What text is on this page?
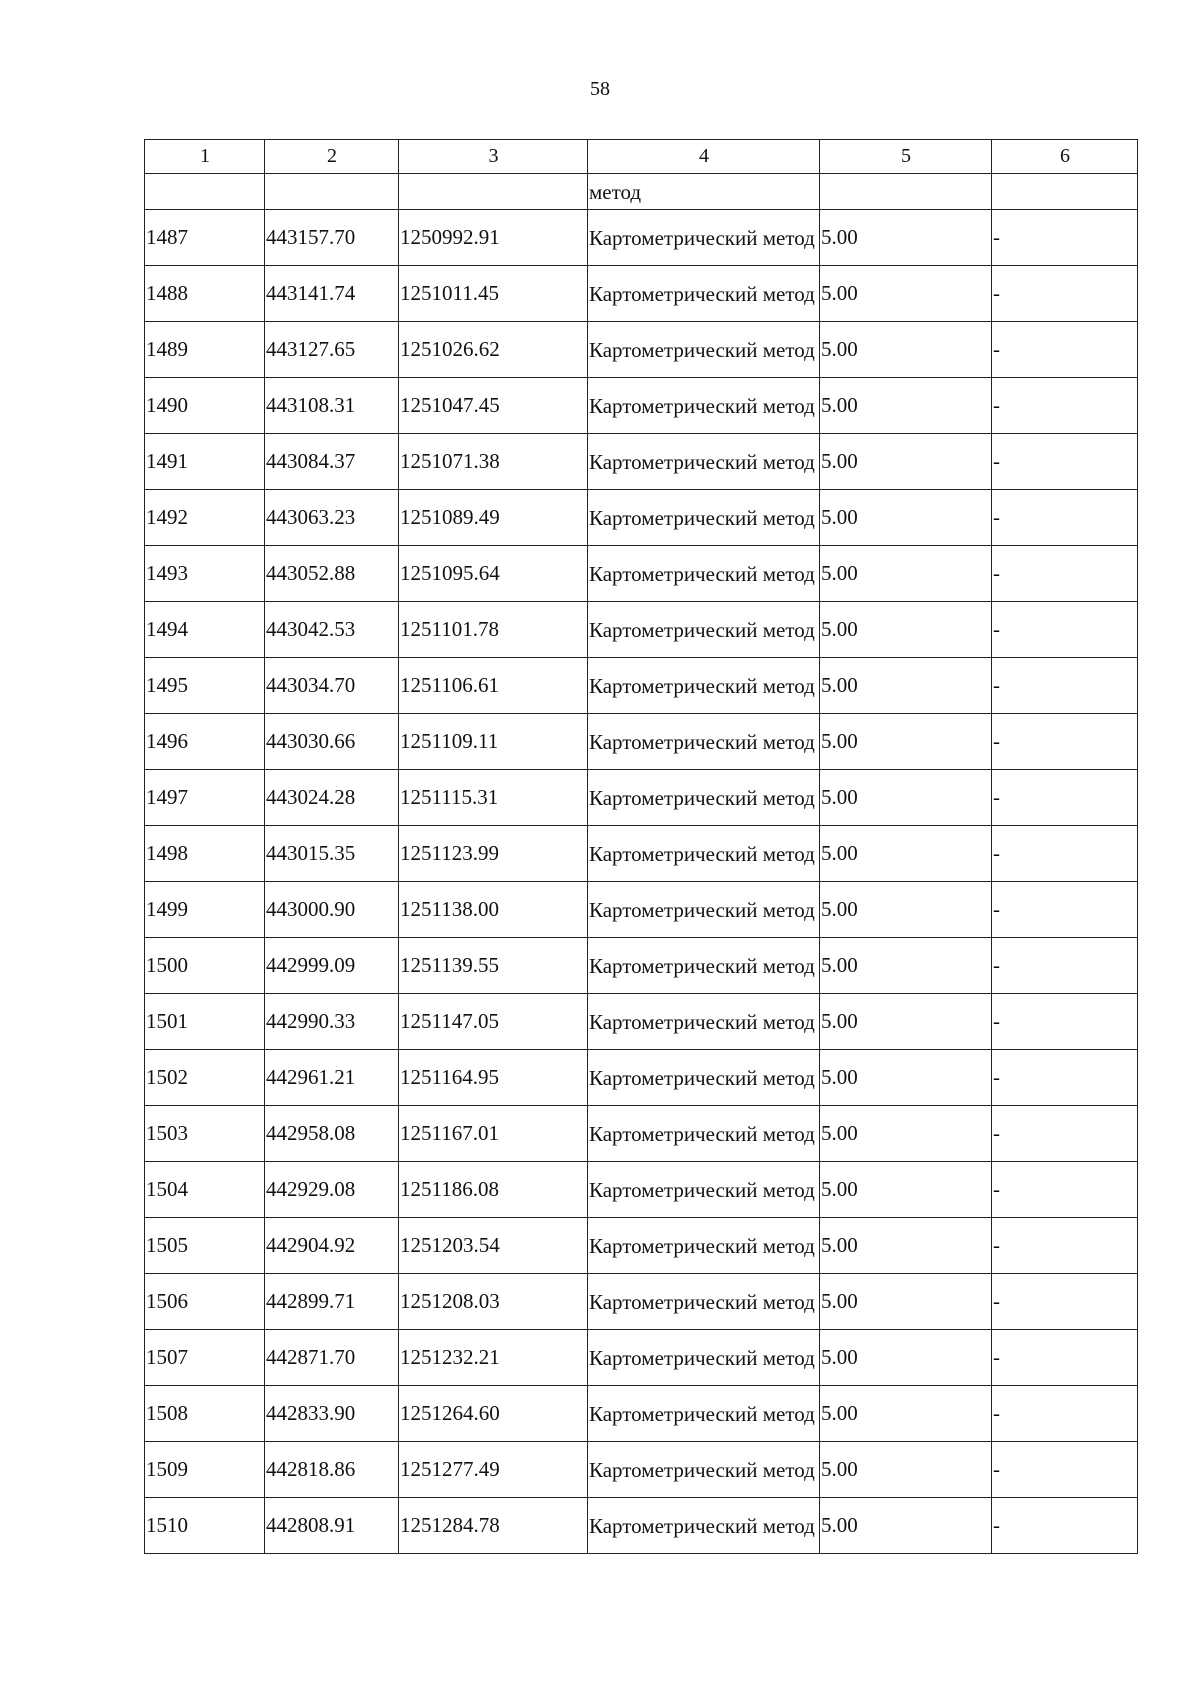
58
1	2	3	4	5	6
			метод		
1487	443157.70	1250992.91	Картометрический метод	5.00	-
1488	443141.74	1251011.45	Картометрический метод	5.00	-
1489	443127.65	1251026.62	Картометрический метод	5.00	-
1490	443108.31	1251047.45	Картометрический метод	5.00	-
1491	443084.37	1251071.38	Картометрический метод	5.00	-
1492	443063.23	1251089.49	Картометрический метод	5.00	-
1493	443052.88	1251095.64	Картометрический метод	5.00	-
1494	443042.53	1251101.78	Картометрический метод	5.00	-
1495	443034.70	1251106.61	Картометрический метод	5.00	-
1496	443030.66	1251109.11	Картометрический метод	5.00	-
1497	443024.28	1251115.31	Картометрический метод	5.00	-
1498	443015.35	1251123.99	Картометрический метод	5.00	-
1499	443000.90	1251138.00	Картометрический метод	5.00	-
1500	442999.09	1251139.55	Картометрический метод	5.00	-
1501	442990.33	1251147.05	Картометрический метод	5.00	-
1502	442961.21	1251164.95	Картометрический метод	5.00	-
1503	442958.08	1251167.01	Картометрический метод	5.00	-
1504	442929.08	1251186.08	Картометрический метод	5.00	-
1505	442904.92	1251203.54	Картометрический метод	5.00	-
1506	442899.71	1251208.03	Картометрический метод	5.00	-
1507	442871.70	1251232.21	Картометрический метод	5.00	-
1508	442833.90	1251264.60	Картометрический метод	5.00	-
1509	442818.86	1251277.49	Картометрический метод	5.00	-
1510	442808.91	1251284.78	Картометрический метод	5.00	-
